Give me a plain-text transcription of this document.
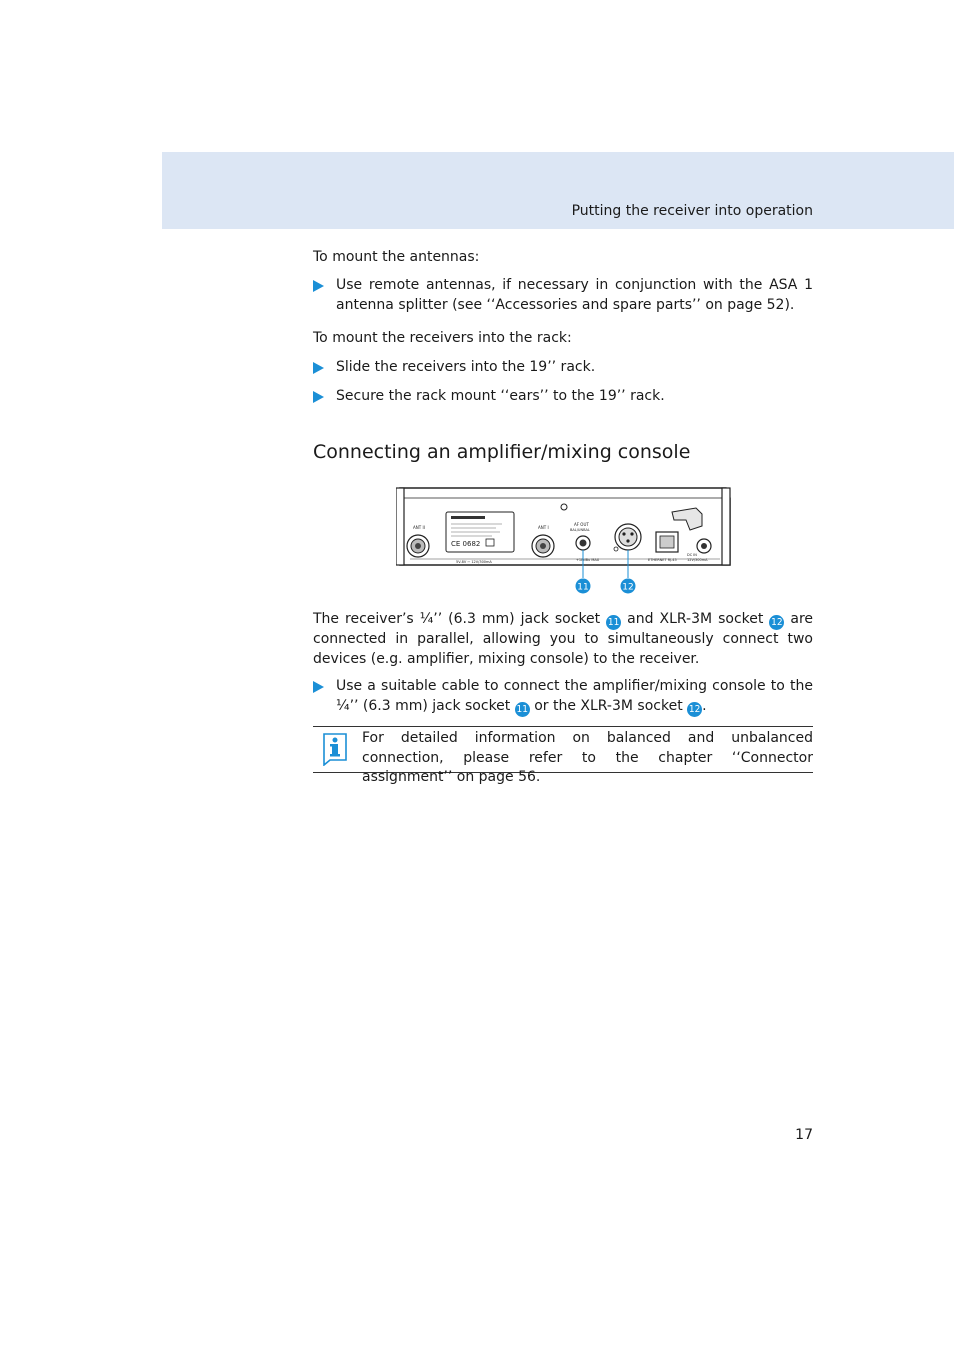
Putting the receiver into operation
To mount the antennas:
Use remote antennas, if necessary in conjunction with the ASA 1 antenna splitter (see ‘‘Accessories and spare parts’’ on page 52).
To mount the receivers into the rack:
Slide the receivers into the 19’’ rack.
Secure the rack mount ‘‘ears’’ to the 19’’ rack.
Connecting an amplifier/mixing console
CE 0682
ANT II	ANT I
5V-8V ⎓ 12V/300mA
AF OUT
BAL/UNBAL
+18dBu MAX	ETHERNET RJ-45
DC IN
12V/300mA
11	12
The receiver’s ¼’’ (6.3 mm) jack socket 11 and XLR-3M socket 12 are connected in parallel, allowing you to simultaneously connect two devices (e.g. amplifier, mixing console) to the receiver.
Use a suitable cable to connect the amplifier/mixing console to the ¼’’ (6.3 mm) jack socket 11 or the XLR-3M socket 12 .
For detailed information on balanced and unbalanced connection, please refer to the chapter ‘‘Connector assignment’’ on page 56.
17
